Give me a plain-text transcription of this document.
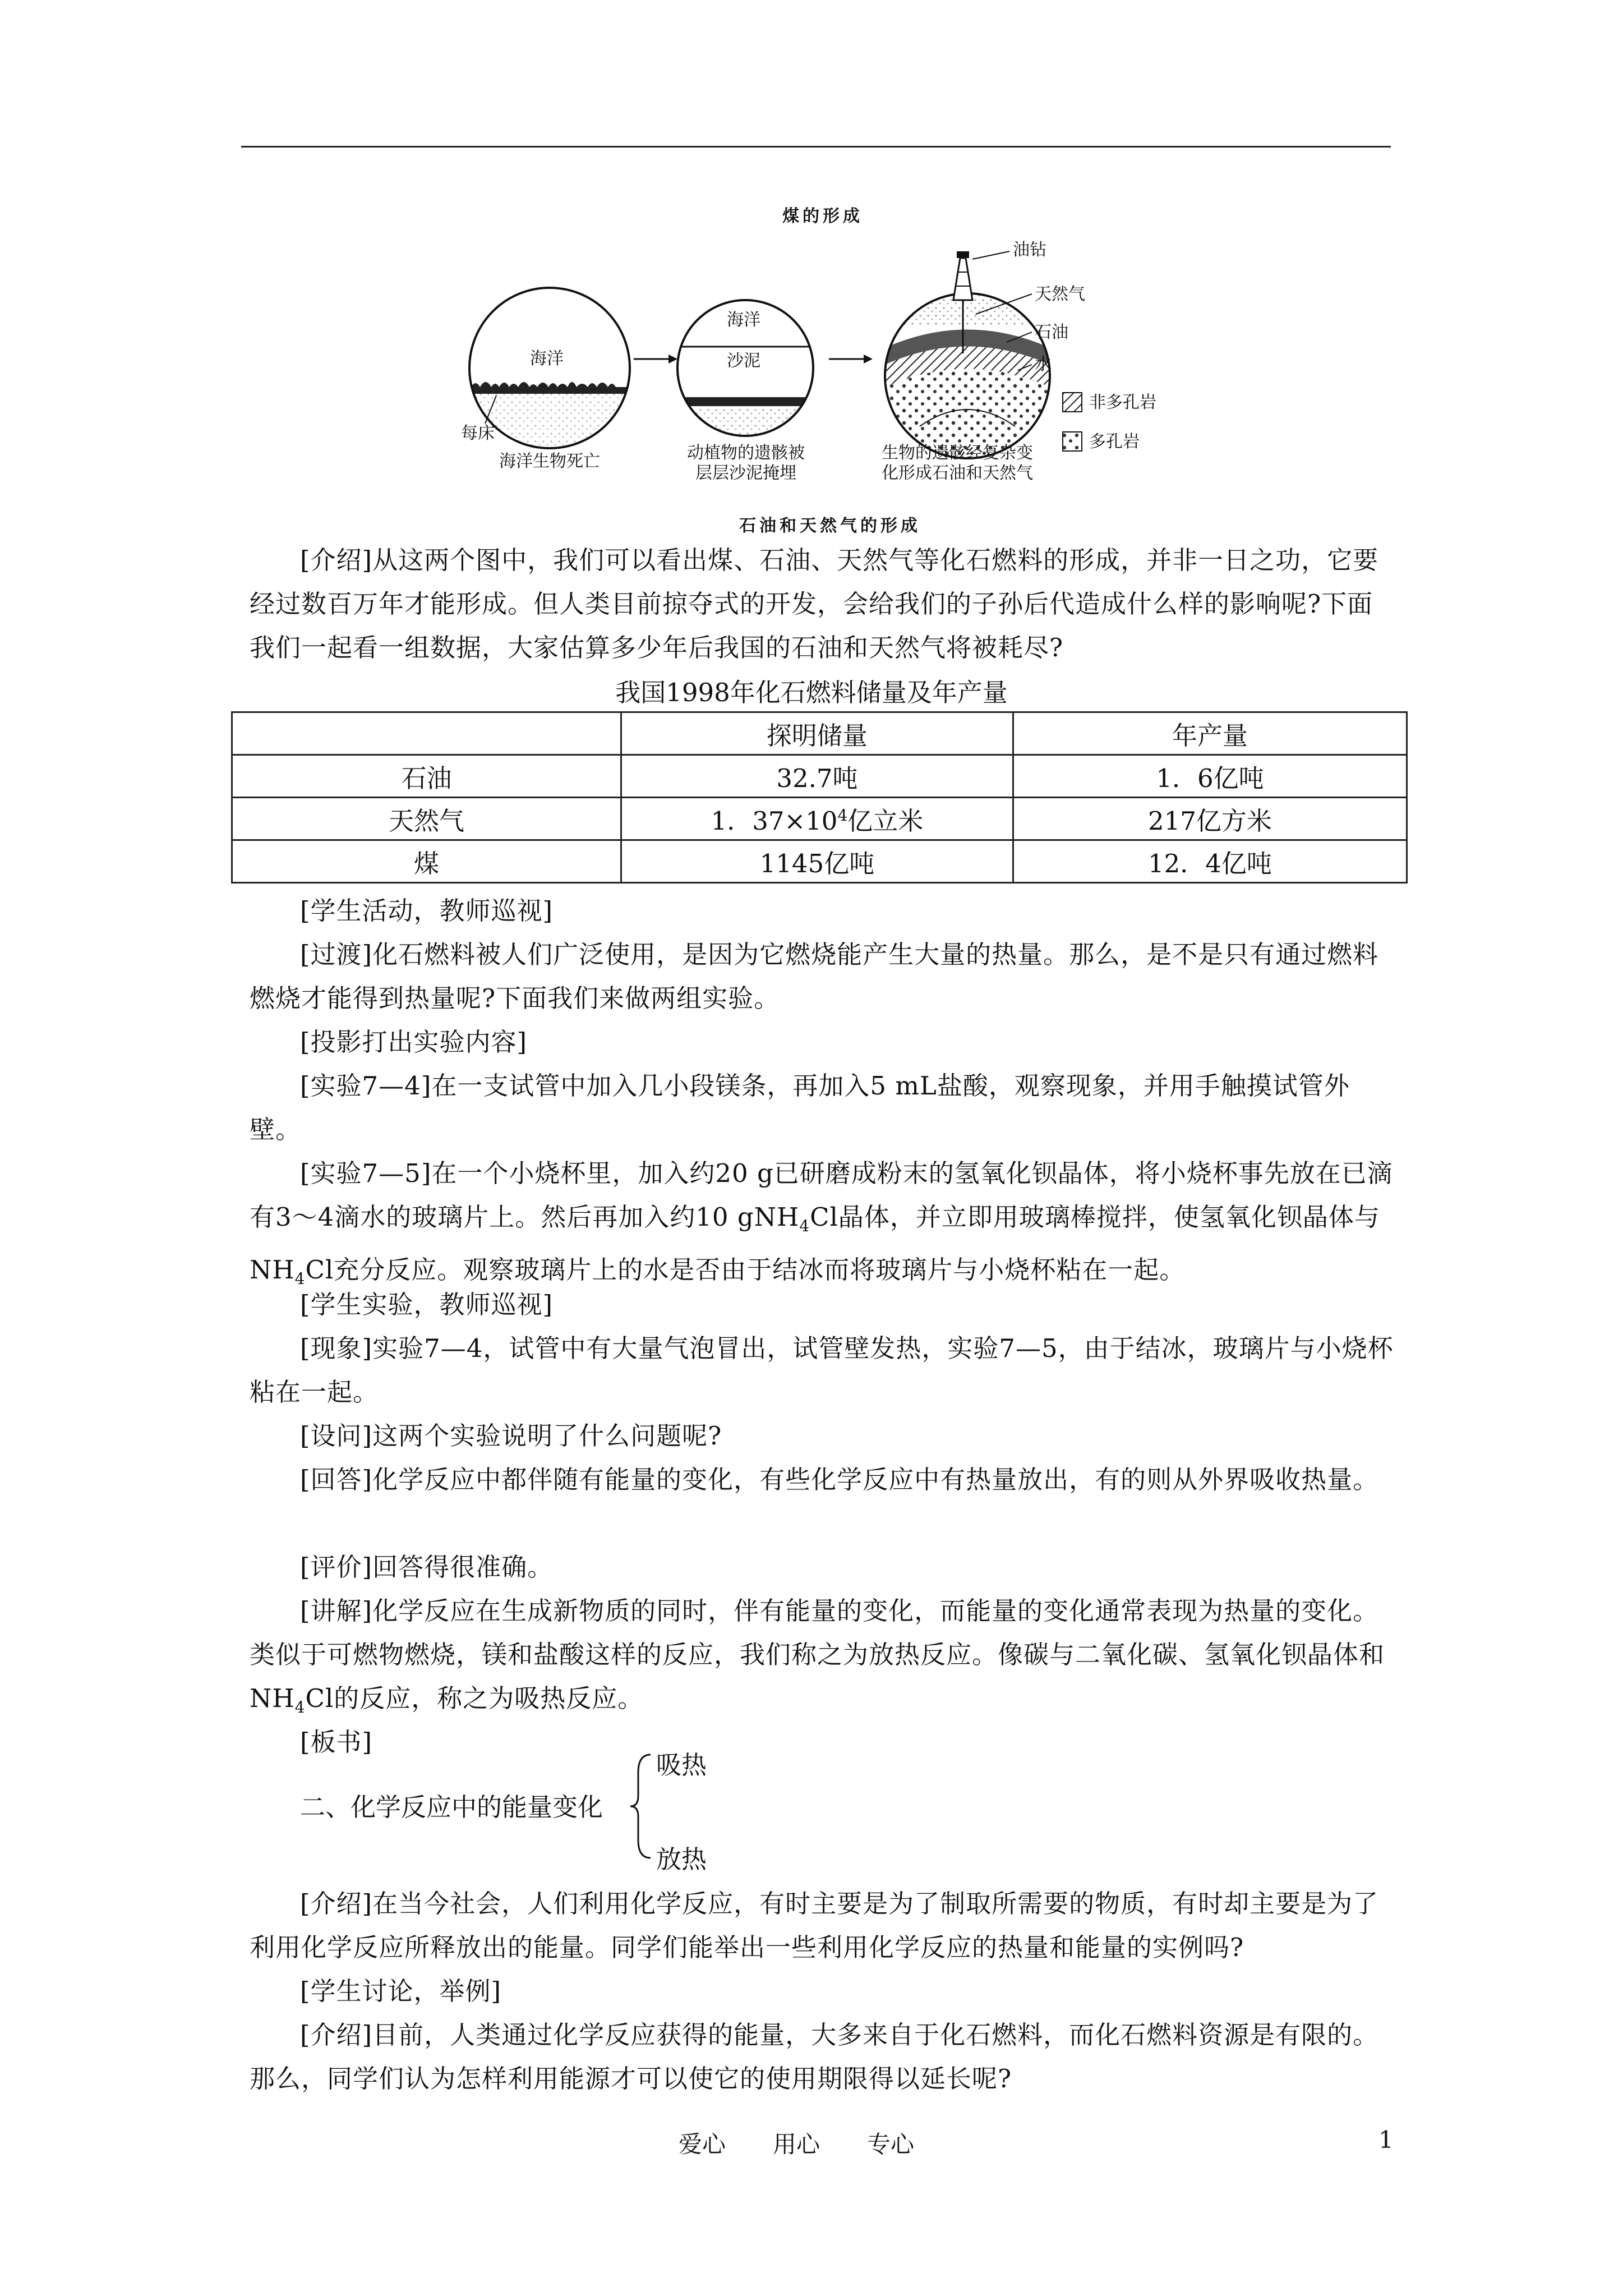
煤的形成
海洋
每床
海洋生物死亡
海洋
沙泥
动植物的遗骸被
层层沙泥掩埋
油钻
天然气
石油
水
生物的遗骸经复杂变
化形成石油和天然气
非多孔岩
多孔岩
石油和天然气的形成
[介绍]从这两个图中，我们可以看出煤、石油、天然气等化石燃料的形成，并非一日之功，它要经过数百万年才能形成。但人类目前掠夺式的开发，会给我们的子孙后代造成什么样的影响呢?下面我们一起看一组数据，大家估算多少年后我国的石油和天然气将被耗尽?
我国1998年化石燃料储量及年产量
	探明储量	年产量
石油	32.7吨	1．6亿吨
天然气	1．$37\times 10^4$亿立米	217亿方米
煤	1145亿吨	12．4亿吨
[学生活动，教师巡视]
[过渡]化石燃料被人们广泛使用，是因为它燃烧能产生大量的热量。那么，是不是只有通过燃料燃烧才能得到热量呢?下面我们来做两组实验。
[投影打出实验内容]
[实验7—4]在一支试管中加入几小段镁条，再加入5 mL盐酸，观察现象，并用手触摸试管外壁。
[实验7—5]在一个小烧杯里，加入约20 g已研磨成粉末的氢氧化钡晶体，将小烧杯事先放在已滴有3～4滴水的玻璃片上。然后再加入约10 gNH$_4$Cl晶体，并立即用玻璃棒搅拌，使氢氧化钡晶体与$NH_4Cl$充分反应。观察玻璃片上的水是否由于结冰而将玻璃片与小烧杯粘在一起。
[学生实验，教师巡视]
[现象]实验7—4，试管中有大量气泡冒出，试管壁发热，实验7—5，由于结冰，玻璃片与小烧杯粘在一起。
[设问]这两个实验说明了什么问题呢?
[回答]化学反应中都伴随有能量的变化，有些化学反应中有热量放出，有的则从外界吸收热量。
[评价]回答得很准确。
[讲解]化学反应在生成新物质的同时，伴有能量的变化，而能量的变化通常表现为热量的变化。类似于可燃物燃烧，镁和盐酸这样的反应，我们称之为放热反应。像碳与二氧化碳、氢氧化钡晶体和$NH_4Cl$的反应，称之为吸热反应。
[板书]
二、化学反应中的能量变化
吸热
放热
[介绍]在当今社会，人们利用化学反应，有时主要是为了制取所需要的物质，有时却主要是为了利用化学反应所释放出的能量。同学们能举出一些利用化学反应的热量和能量的实例吗?
[学生讨论，举例]
[介绍]目前，人类通过化学反应获得的能量，大多来自于化石燃料，而化石燃料资源是有限的。那么，同学们认为怎样利用能源才可以使它的使用期限得以延长呢?
爱心　　用心　　专心	1
